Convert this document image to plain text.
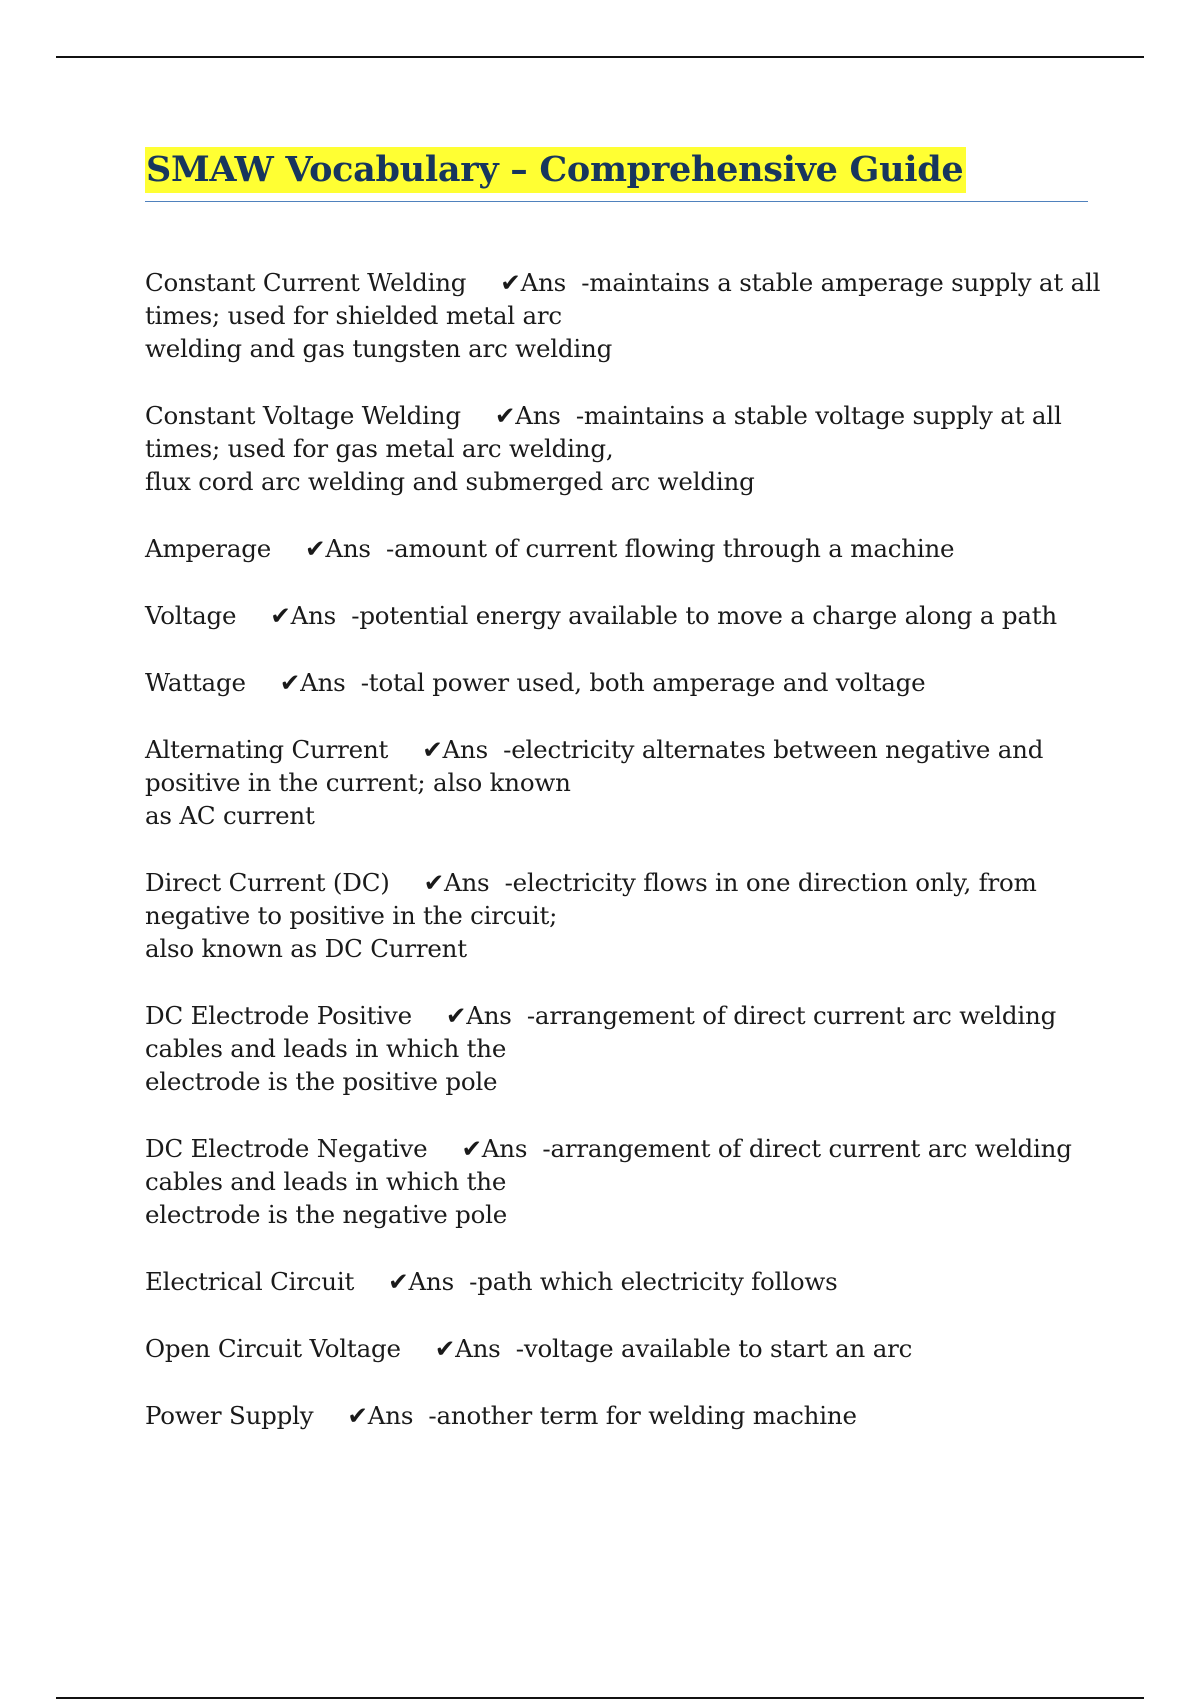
SMAW Vocabulary – Comprehensive Guide

Constant Current Welding ✔Ans -maintains a stable amperage supply at all
times; used for shielded metal arc
welding and gas tungsten arc welding

Constant Voltage Welding ✔Ans -maintains a stable voltage supply at all
times; used for gas metal arc welding,
flux cord arc welding and submerged arc welding

Amperage ✔Ans -amount of current flowing through a machine

Voltage ✔Ans -potential energy available to move a charge along a path

Wattage ✔Ans -total power used, both amperage and voltage

Alternating Current ✔Ans -electricity alternates between negative and
positive in the current; also known
as AC current

Direct Current (DC) ✔Ans -electricity flows in one direction only, from
negative to positive in the circuit;
also known as DC Current

DC Electrode Positive ✔Ans -arrangement of direct current arc welding
cables and leads in which the
electrode is the positive pole

DC Electrode Negative ✔Ans -arrangement of direct current arc welding
cables and leads in which the
electrode is the negative pole

Electrical Circuit ✔Ans -path which electricity follows

Open Circuit Voltage ✔Ans -voltage available to start an arc

Power Supply ✔Ans -another term for welding machine
